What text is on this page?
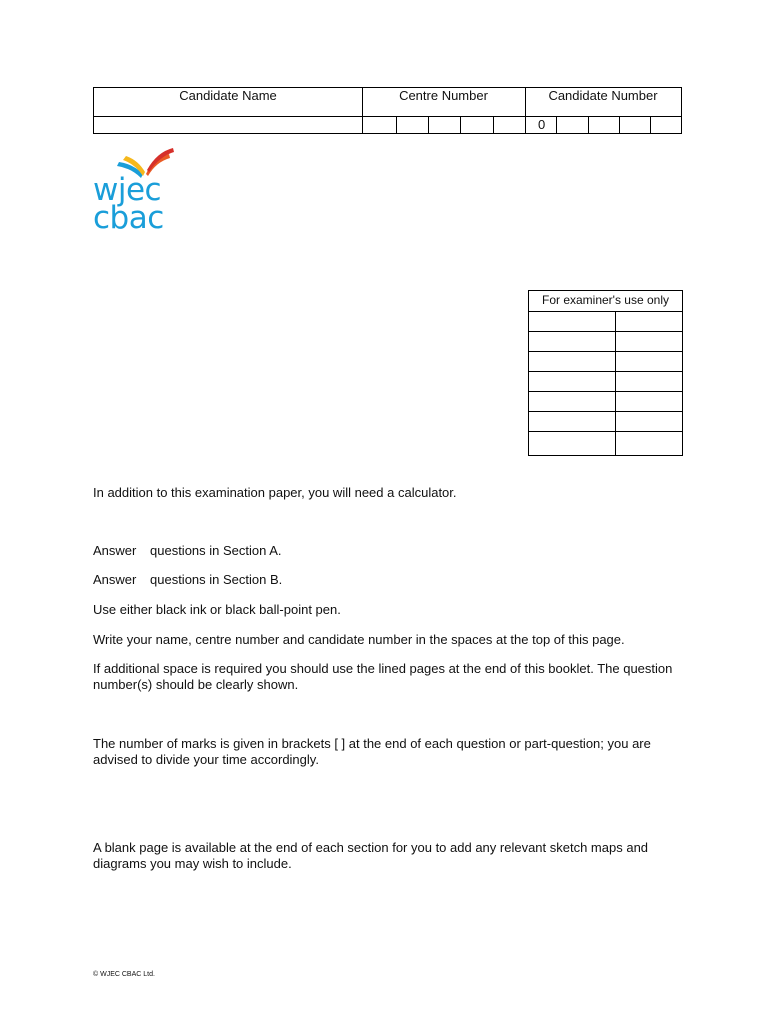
Candidate Name	Centre Number	Candidate Number
0
wjec
cbac
For examiner's use only
In addition to this examination paper, you will need a calculator.
Answer questions in Section A.
Answer questions in Section B.
Use either black ink or black ball-point pen.
Write your name, centre number and candidate number in the spaces at the top of this page.
If additional space is required you should use the lined pages at the end of this booklet. The question number(s) should be clearly shown.
The number of marks is given in brackets [ ] at the end of each question or part-question; you are advised to divide your time accordingly.
A blank page is available at the end of each section for you to add any relevant sketch maps and diagrams you may wish to include.
© WJEC CBAC Ltd.
